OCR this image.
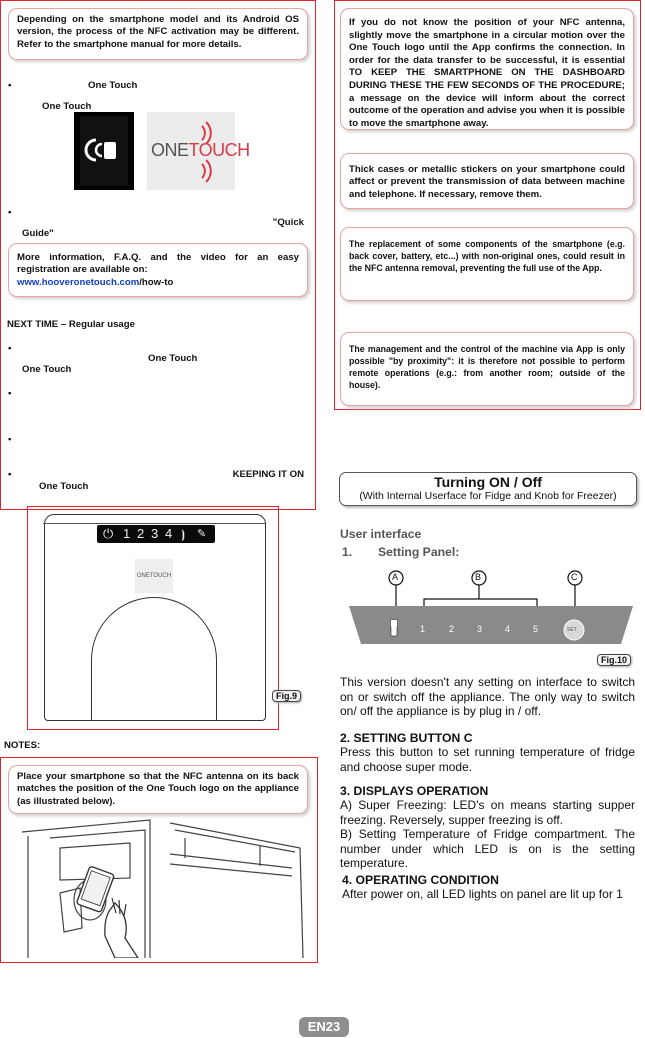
Depending on the smartphone model and its Android OS version, the process of the NFC activation may be different. Refer to the smartphone manual for more details.
•	One Touch
One Touch
ONETOUCH
•
"Quick
Guide"
More information, F.A.Q. and the video for an easy registration are available on:
www.hooveronetouch.com/how-to
NEXT TIME – Regular usage
•
One Touch
One Touch
•
•
•	KEEPING IT ON
One Touch
⏻ 1 2 3 4 ⦘ ✎
ONETOUCH
Fig.9
NOTES:
Place your smartphone so that the NFC antenna on its back matches the position of the One Touch logo on the appliance (as illustrated below).
If you do not know the position of your NFC antenna, slightly move the smartphone in a circular motion over the One Touch logo until the App confirms the connection. In order for the data transfer to be successful, it is essential TO KEEP THE SMARTPHONE ON THE DASHBOARD DURING THESE THE FEW SECONDS OF THE PROCEDURE; a message on the device will inform about the correct outcome of the operation and advise you when it is possible to move the smartphone away.
Thick cases or metallic stickers on your smartphone could affect or prevent the transmission of data between machine and telephone. If necessary, remove them.
The replacement of some components of the smartphone (e.g. back cover, battery, etc...) with non-original ones, could result in the NFC antenna removal, preventing the full use of the App.
The management and the control of the machine via App is only possible "by proximity": it is therefore not possible to perform remote operations (e.g.: from another room; outside of the house).
Turning ON / Off
(With Internal Userface for Fidge and Knob for Freezer)
User interface
1. Setting Panel:
A	B	C
1	2	3	4	5	SET
Fig.10
This version doesn't any setting on interface to switch on or switch off the appliance. The only way to switch on/ off the appliance is by plug in / off.
2. SETTING BUTTON C
Press this button to set running temperature of fridge and choose super mode.
3. DISPLAYS OPERATION
A) Super Freezing: LED's on means starting supper freezing. Reversely, supper freezing is off.
B) Setting Temperature of Fridge compartment. The number under which LED is on is the setting temperature.
4. OPERATING CONDITION
After power on, all LED lights on panel are lit up for 1
EN23
